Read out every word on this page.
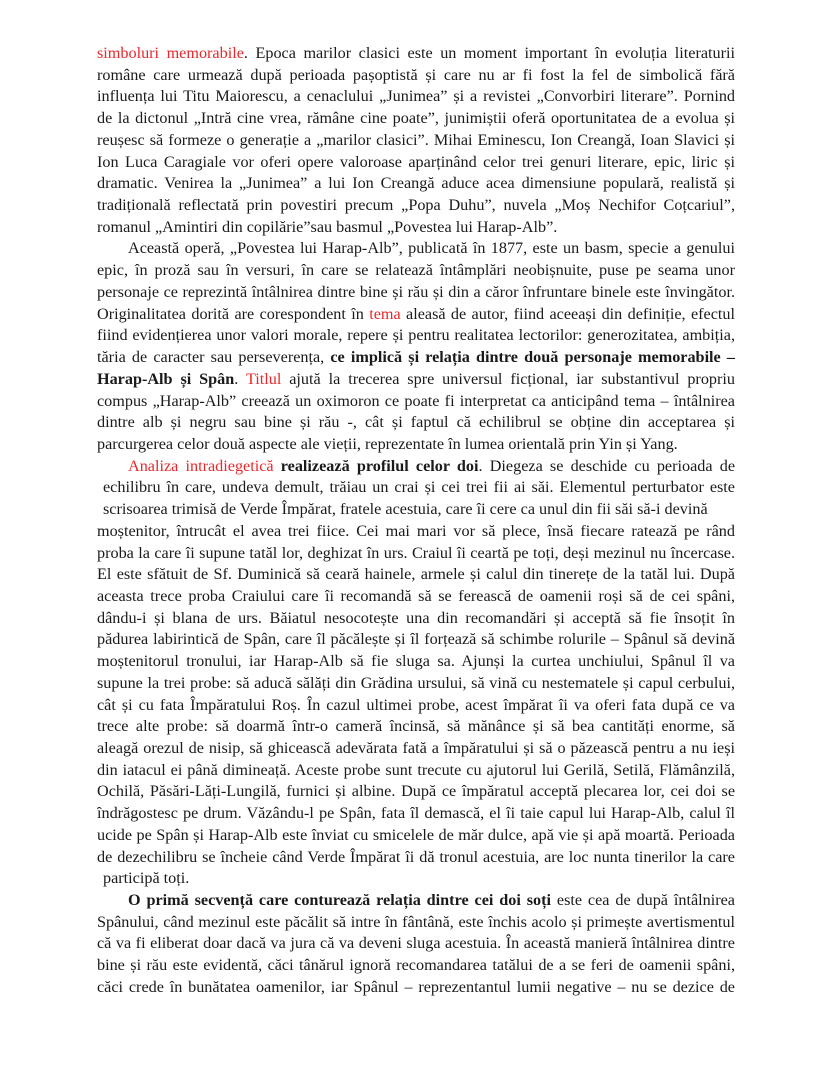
simboluri memorabile. Epoca marilor clasici este un moment important în evoluția literaturii
române care urmează după perioada pașoptistă și care nu ar fi fost la fel de simbolică fără
influența lui Titu Maiorescu, a cenaclului „Junimea” și a revistei „Convorbiri literare”. Pornind
de la dictonul „Intră cine vrea, rămâne cine poate”, junimiștii oferă oportunitatea de a evolua și
reușesc să formeze o generație a „marilor clasici”. Mihai Eminescu, Ion Creangă, Ioan Slavici și
Ion Luca Caragiale vor oferi opere valoroase aparținând celor trei genuri literare, epic, liric și
dramatic. Venirea la „Junimea” a lui Ion Creangă aduce acea dimensiune populară, realistă și
tradițională reflectată prin povestiri precum „Popa Duhu”, nuvela „Moș Nechifor Coțcariul”,
romanul „Amintiri din copilărie”sau basmul „Povestea lui Harap-Alb”.
Această operă, „Povestea lui Harap-Alb”, publicată în 1877, este un basm, specie a genului
epic, în proză sau în versuri, în care se relatează întâmplări neobișnuite, puse pe seama unor
personaje ce reprezintă întâlnirea dintre bine și rău și din a căror înfruntare binele este învingător.
Originalitatea dorită are corespondent în tema aleasă de autor, fiind aceeași din definiție, efectul
fiind evidențierea unor valori morale, repere și pentru realitatea lectorilor: generozitatea, ambiția,
tăria de caracter sau perseverența, ce implică și relația dintre două personaje memorabile –
Harap-Alb și Spân. Titlul ajută la trecerea spre universul ficțional, iar substantivul propriu
compus „Harap-Alb” creează un oximoron ce poate fi interpretat ca anticipând tema – întâlnirea
dintre alb și negru sau bine și rău -, cât și faptul că echilibrul se obține din acceptarea și
parcurgerea celor două aspecte ale vieții, reprezentate în lumea orientală prin Yin și Yang.
Analiza intradiegetică realizează profilul celor doi. Diegeza se deschide cu perioada de
echilibru în care, undeva demult, trăiau un crai și cei trei fii ai săi. Elementul perturbator este
scrisoarea trimisă de Verde Împărat, fratele acestuia, care îi cere ca unul din fii săi să-i devină
moștenitor, întrucât el avea trei fiice. Cei mai mari vor să plece, însă fiecare ratează pe rând
proba la care îi supune tatăl lor, deghizat în urs. Craiul îi ceartă pe toți, deși mezinul nu încercase.
El este sfătuit de Sf. Duminică să ceară hainele, armele și calul din tinerețe de la tatăl lui. După
aceasta trece proba Craiului care îi recomandă să se ferească de oamenii roși să de cei spâni,
dându-i și blana de urs. Băiatul nesocotește una din recomandări și acceptă să fie însoțit în
pădurea labirintică de Spân, care îl păcălește și îl forțează să schimbe rolurile – Spânul să devină
moștenitorul tronului, iar Harap-Alb să fie sluga sa. Ajunși la curtea unchiului, Spânul îl va
supune la trei probe: să aducă sălăți din Grădina ursului, să vină cu nestematele și capul cerbului,
cât și cu fata Împăratului Roș. În cazul ultimei probe, acest împărat îi va oferi fata după ce va
trece alte probe: să doarmă într-o cameră încinsă, să mănânce și să bea cantități enorme, să
aleagă orezul de nisip, să ghicească adevărata fată a împăratului și să o păzească pentru a nu ieși
din iatacul ei până dimineață. Aceste probe sunt trecute cu ajutorul lui Gerilă, Setilă, Flămânzilă,
Ochilă, Păsări-Lăți-Lungilă, furnici și albine. După ce împăratul acceptă plecarea lor, cei doi se
îndrăgostesc pe drum. Văzându-l pe Spân, fata îl demască, el îi taie capul lui Harap-Alb, calul îl
ucide pe Spân și Harap-Alb este înviat cu smicelele de măr dulce, apă vie și apă moartă. Perioada
de dezechilibru se încheie când Verde Împărat îi dă tronul acestuia, are loc nunta tinerilor la care
participă toți.
O primă secvență care conturează relația dintre cei doi soți este cea de după întâlnirea
Spânului, când mezinul este păcălit să intre în fântână, este închis acolo și primește avertismentul
că va fi eliberat doar dacă va jura că va deveni sluga acestuia. În această manieră întâlnirea dintre
bine și rău este evidentă, căci tânărul ignoră recomandarea tatălui de a se feri de oamenii spâni,
căci crede în bunătatea oamenilor, iar Spânul – reprezentantul lumii negative – nu se dezice de
